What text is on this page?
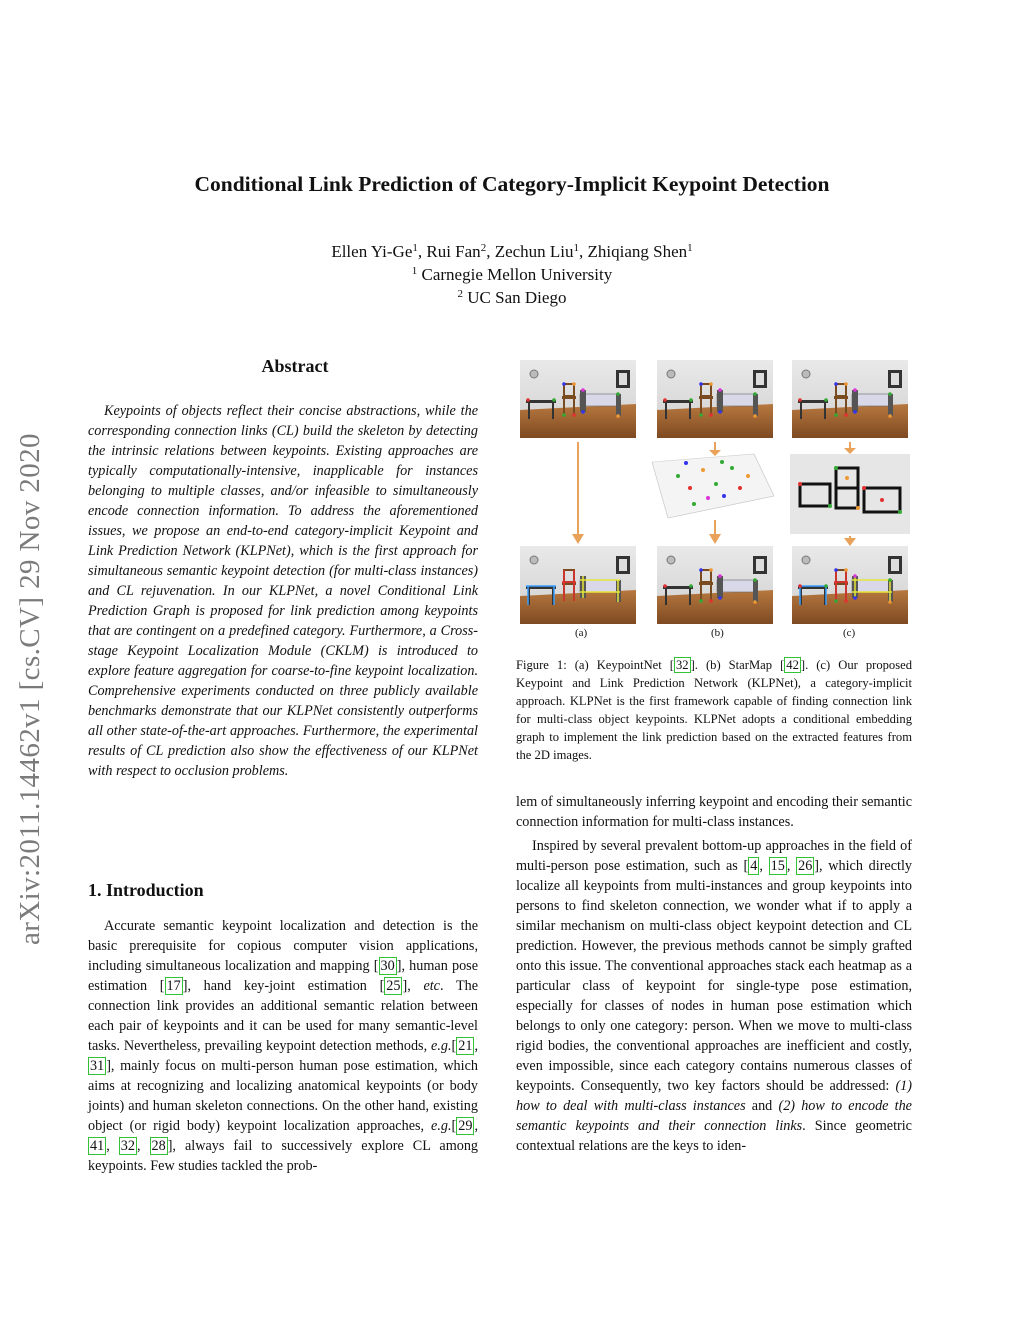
arXiv:2011.14462v1 [cs.CV] 29 Nov 2020
Conditional Link Prediction of Category-Implicit Keypoint Detection
Ellen Yi-Ge$^1$, Rui Fan$^2$, Zechun Liu$^1$, Zhiqiang Shen$^1$
$^1$ Carnegie Mellon University
$^2$ UC San Diego
Abstract
Keypoints of objects reflect their concise abstractions, while the corresponding connection links (CL) build the skeleton by detecting the intrinsic relations between keypoints. Existing approaches are typically computationally-intensive, inapplicable for instances belonging to multiple classes, and/or infeasible to simultaneously encode connection information. To address the aforementioned issues, we propose an end-to-end category-implicit Keypoint and Link Prediction Network (KLPNet), which is the first approach for simultaneous semantic keypoint detection (for multi-class instances) and CL rejuvenation. In our KLPNet, a novel Conditional Link Prediction Graph is proposed for link prediction among keypoints that are contingent on a predefined category. Furthermore, a Cross-stage Keypoint Localization Module (CKLM) is introduced to explore feature aggregation for coarse-to-fine keypoint localization. Comprehensive experiments conducted on three publicly available benchmarks demonstrate that our KLPNet consistently outperforms all other state-of-the-art approaches. Furthermore, the experimental results of CL prediction also show the effectiveness of our KLPNet with respect to occlusion problems.
1. Introduction
Accurate semantic keypoint localization and detection is the basic prerequisite for copious computer vision applications, including simultaneous localization and mapping [ 30 ], human pose estimation [ 17 ], hand key-joint estimation [ 25 ], etc. The connection link provides an additional semantic relation between each pair of keypoints and it can be used for many semantic-level tasks. Nevertheless, prevailing keypoint detection methods, e.g.[ 21 , 31 ], mainly focus on multi-person human pose estimation, which aims at recognizing and localizing anatomical keypoints (or body joints) and human skeleton connections. On the other hand, existing object (or rigid body) keypoint localization approaches, e.g.[ 29 , 41 , 32 , 28 ], always fail to successively explore CL among keypoints. Few studies tackled the prob-
(a)	(b)	(c)
Figure 1: (a) KeypointNet [ 32 ]. (b) StarMap [ 42 ]. (c) Our proposed Keypoint and Link Prediction Network (KLPNet), a category-implicit approach. KLPNet is the first framework capable of finding connection link for multi-class object keypoints. KLPNet adopts a conditional embedding graph to implement the link prediction based on the extracted features from the 2D images.
lem of simultaneously inferring keypoint and encoding their semantic connection information for multi-class instances.
Inspired by several prevalent bottom-up approaches in the field of multi-person pose estimation, such as [ 4 , 15 , 26 ], which directly localize all keypoints from multi-instances and group keypoints into persons to find skeleton connection, we wonder what if to apply a similar mechanism on multi-class object keypoint detection and CL prediction. However, the previous methods cannot be simply grafted onto this issue. The conventional approaches stack each heatmap as a particular class of keypoint for single-type pose estimation, especially for classes of nodes in human pose estimation which belongs to only one category: person. When we move to multi-class rigid bodies, the conventional approaches are inefficient and costly, even impossible, since each category contains numerous classes of keypoints. Consequently, two key factors should be addressed: (1) how to deal with multi-class instances and (2) how to encode the semantic keypoints and their connection links. Since geometric contextual relations are the keys to iden-
